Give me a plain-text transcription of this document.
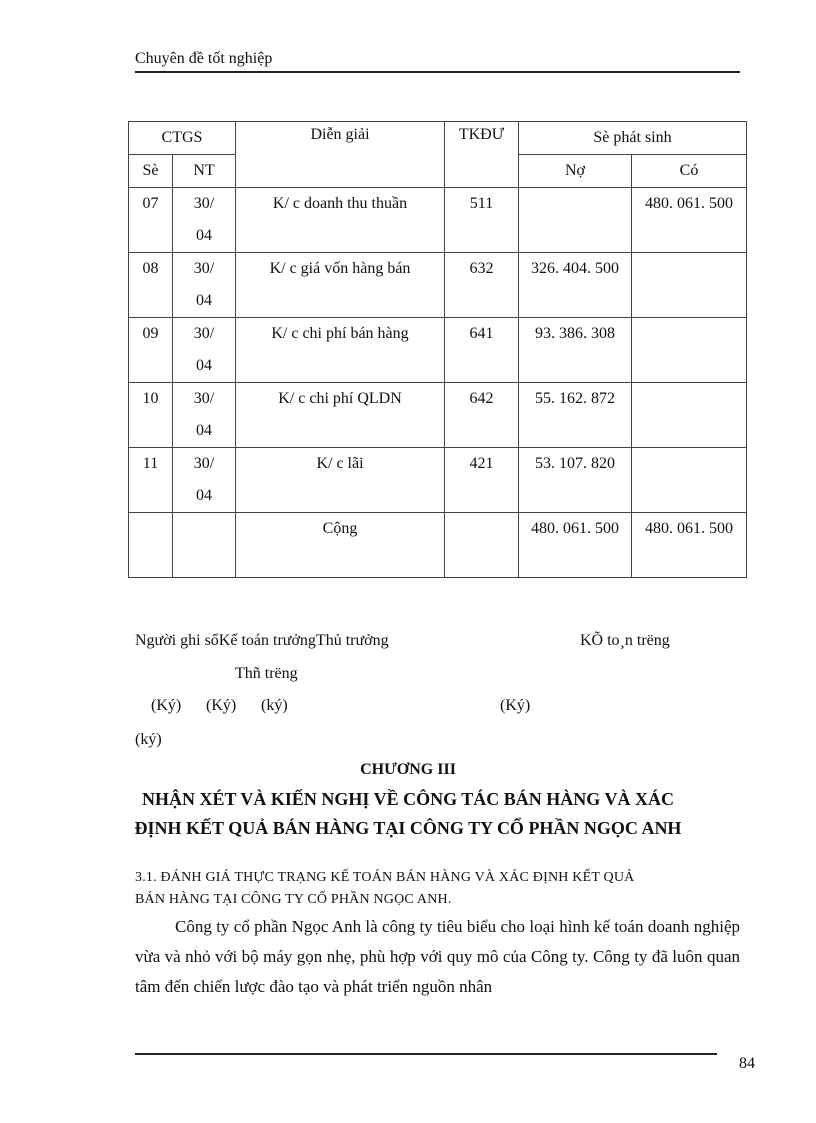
Chuyên đề tốt nghiệp
CTGS		Diễn giải	TKĐƯ	Sè phát sinh	
Sè	NT			Nợ	Có
07	30/ 04	K/ c doanh thu thuần	511		480. 061. 500
08	30/ 04	K/ c giá vốn hàng bán	632	326. 404. 500	
09	30/ 04	K/ c chi phí bán hàng	641	93. 386. 308	
10	30/ 04	K/ c chi phí QLDN	642	55. 162. 872	
11	30/ 04	K/ c lãi	421	53. 107. 820	
		Cộng		480. 061. 500	480. 061. 500
Người ghi sổKế toán trưởngThủ trưởng	KÕ to¸n trëng
Thñ trëng
(Ký) (Ký) (ký)	(Ký)
(ký)
CHƯƠNG III
NHẬN XÉT VÀ KIẾN NGHỊ VỀ CÔNG TÁC BÁN HÀNG VÀ XÁC
ĐỊNH KẾT QUẢ BÁN HÀNG TẠI CÔNG TY CỔ PHẦN NGỌC ANH
3.1. ĐÁNH GIÁ THỰC TRẠNG KẾ TOÁN BÁN HÀNG VÀ XÁC ĐỊNH KẾT QUẢ
BÁN HÀNG TẠI CÔNG TY CỔ PHẦN NGỌC ANH.
Công ty cổ phần Ngọc Anh là công ty tiêu biểu cho loại hình kế toán doanh nghiệp vừa và nhỏ với bộ máy gọn nhẹ, phù hợp với quy mô của Công ty. Công ty đã luôn quan tâm đến chiến lược đào tạo và phát triển nguồn nhân
84
